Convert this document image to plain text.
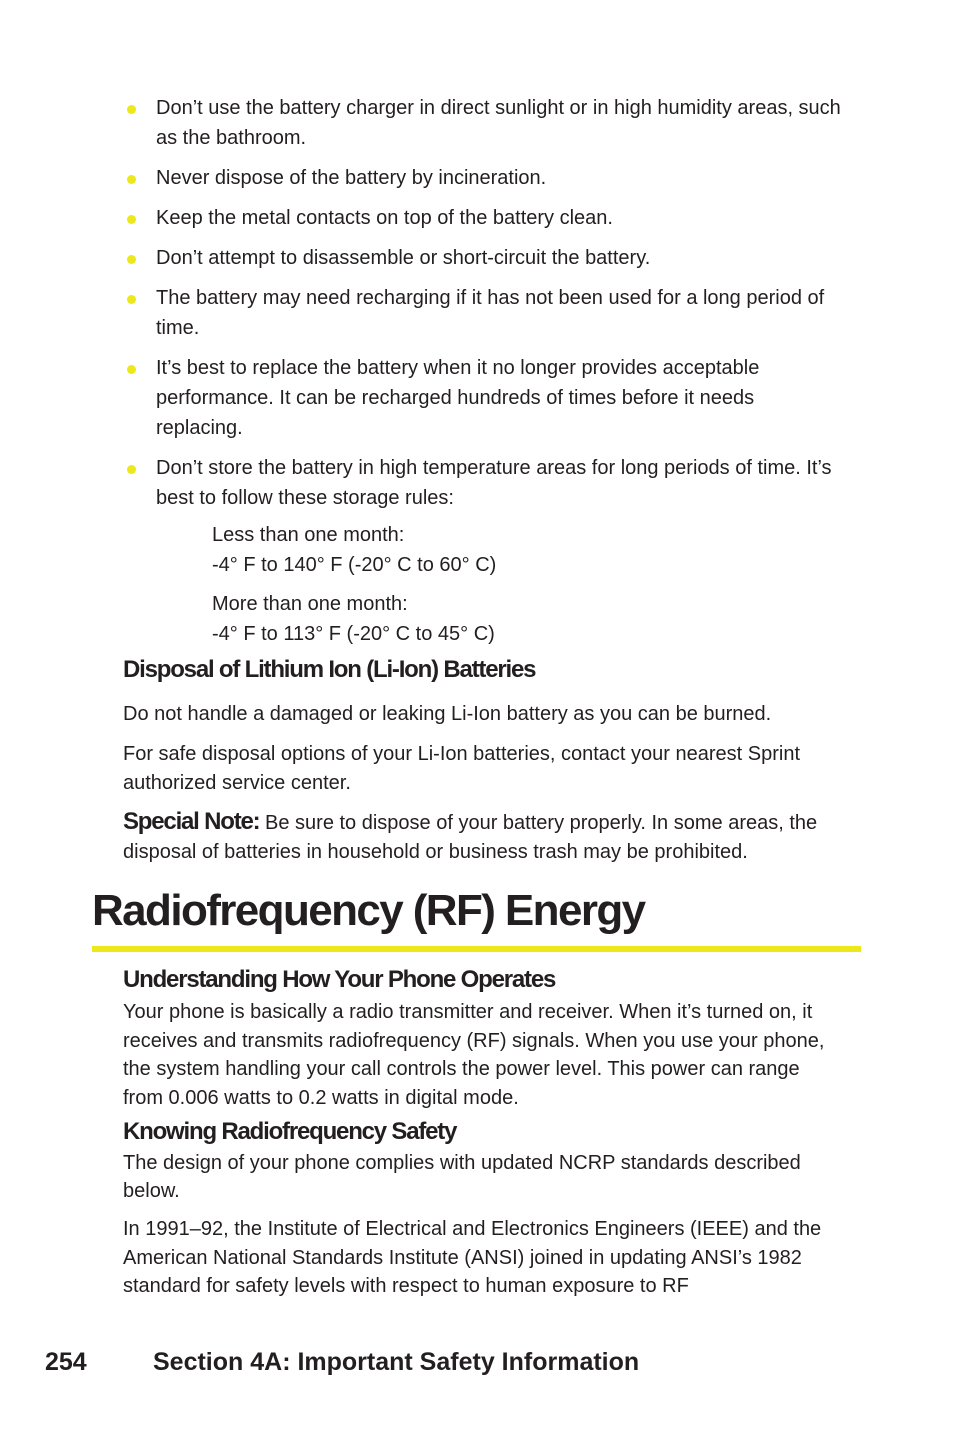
Don’t use the battery charger in direct sunlight or in high humidity areas, such as the bathroom.
Never dispose of the battery by incineration.
Keep the metal contacts on top of the battery clean.
Don’t attempt to disassemble or short-circuit the battery.
The battery may need recharging if it has not been used for a long period of time.
It’s best to replace the battery when it no longer provides acceptable performance. It can be recharged hundreds of times before it needs replacing.
Don’t store the battery in high temperature areas for long periods of time. It’s best to follow these storage rules:
Less than one month:
-4° F to 140° F (-20° C to 60° C)
More than one month:
-4° F to 113° F (-20° C to 45° C)
Disposal of Lithium Ion (Li-Ion) Batteries
Do not handle a damaged or leaking Li-Ion battery as you can be burned.
For safe disposal options of your Li-Ion batteries, contact your nearest Sprint authorized service center.
Special Note: Be sure to dispose of your battery properly. In some areas, the disposal of batteries in household or business trash may be prohibited.
Radiofrequency (RF) Energy
Understanding How Your Phone Operates
Your phone is basically a radio transmitter and receiver. When it’s turned on, it receives and transmits radiofrequency (RF) signals. When you use your phone, the system handling your call controls the power level. This power can range from 0.006 watts to 0.2 watts in digital mode.
Knowing Radiofrequency Safety
The design of your phone complies with updated NCRP standards described below.
In 1991–92, the Institute of Electrical and Electronics Engineers (IEEE) and the American National Standards Institute (ANSI) joined in updating ANSI’s 1982 standard for safety levels with respect to human exposure to RF
254	Section 4A: Important Safety Information
